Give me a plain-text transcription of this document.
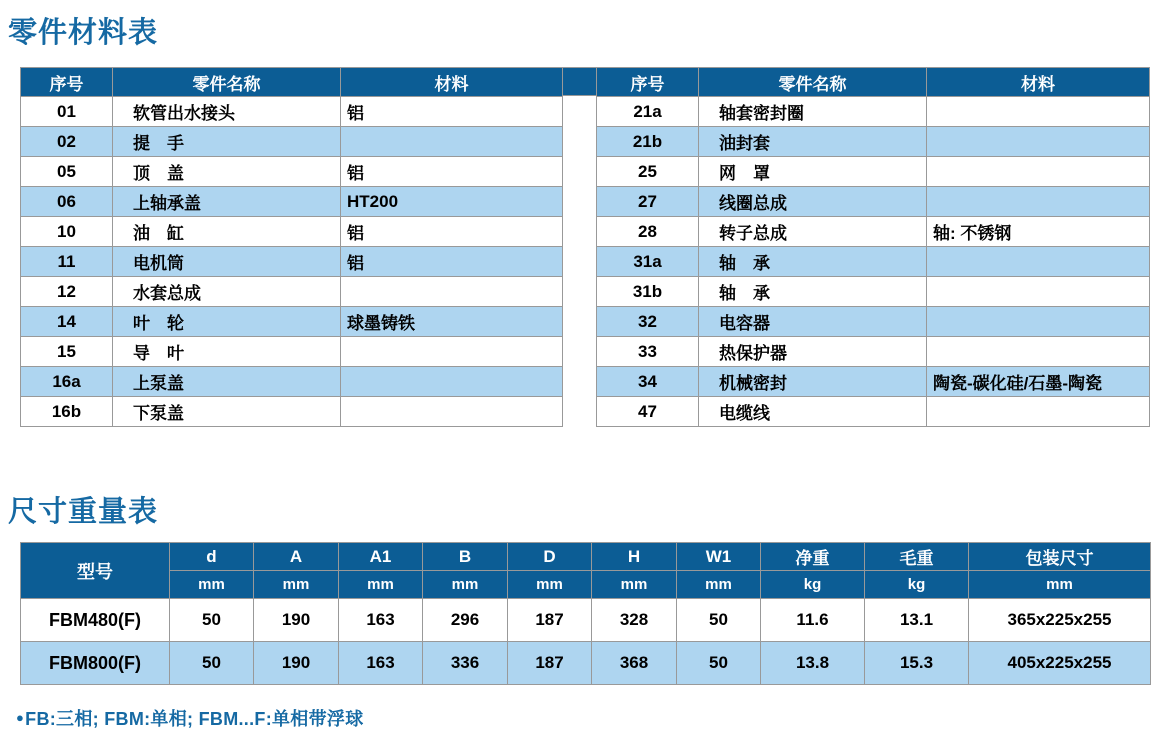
零件材料表
序号	零件名称	材料
01	软管出水接头	铝
02	提　手	
05	顶　盖	铝
06	上轴承盖	HT200
10	油　缸	铝
11	电机筒	铝
12	水套总成	
14	叶　轮	球墨铸铁
15	导　叶	
16a	上泵盖	
16b	下泵盖	
序号	零件名称	材料
21a	轴套密封圈	
21b	油封套	
25	网　罩	
27	线圈总成	
28	转子总成	轴: 不锈钢
31a	轴　承	
31b	轴　承	
32	电容器	
33	热保护器	
34	机械密封	陶瓷-碳化硅/石墨-陶瓷
47	电缆线	
尺寸重量表
型号	d	A	A1	B	D	H	W1	净重	毛重	包装尺寸
	mm	mm	mm	mm	mm	mm	mm	kg	kg	mm
FBM480(F)	50	190	163	296	187	328	50	11.6	13.1	365x225x255
FBM800(F)	50	190	163	336	187	368	50	13.8	15.3	405x225x255

●FB:三相; FBM:单相; FBM...F:单相带浮球
